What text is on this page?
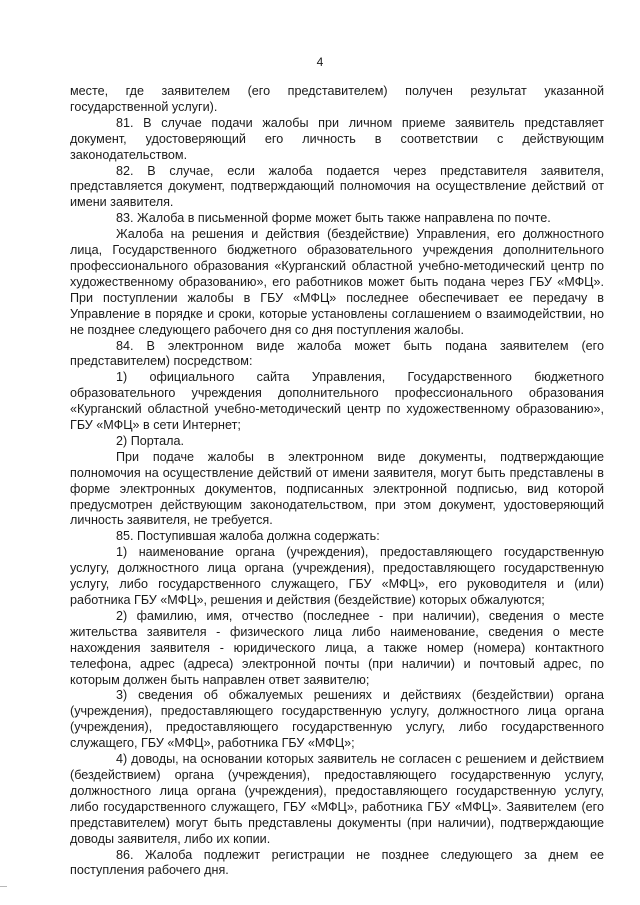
4

месте, где заявителем (его представителем) получен результат указанной государственной услуги).

81. В случае подачи жалобы при личном приеме заявитель представляет документ, удостоверяющий его личность в соответствии с действующим законодательством.

82. В случае, если жалоба подается через представителя заявителя, представляется документ, подтверждающий полномочия на осуществление действий от имени заявителя.

83. Жалоба в письменной форме может быть также направлена по почте.

Жалоба на решения и действия (бездействие) Управления, его должностного лица, Государственного бюджетного образовательного учреждения дополнительного профессионального образования «Курганский областной учебно-методический центр по художественному образованию», его работников может быть подана через ГБУ «МФЦ». При поступлении жалобы в ГБУ «МФЦ» последнее обеспечивает ее передачу в Управление в порядке и сроки, которые установлены соглашением о взаимодействии, но не позднее следующего рабочего дня со дня поступления жалобы.

84. В электронном виде жалоба может быть подана заявителем (его представителем) посредством:

1) официального сайта Управления, Государственного бюджетного образовательного учреждения дополнительного профессионального образования «Курганский областной учебно-методический центр по художественному образованию», ГБУ «МФЦ» в сети Интернет;

2) Портала.

При подаче жалобы в электронном виде документы, подтверждающие полномочия на осуществление действий от имени заявителя, могут быть представлены в форме электронных документов, подписанных электронной подписью, вид которой предусмотрен действующим законодательством, при этом документ, удостоверяющий личность заявителя, не требуется.

85. Поступившая жалоба должна содержать:

1) наименование органа (учреждения), предоставляющего государственную услугу, должностного лица органа (учреждения), предоставляющего государственную услугу, либо государственного служащего, ГБУ «МФЦ», его руководителя и (или) работника ГБУ «МФЦ», решения и действия (бездействие) которых обжалуются;

2) фамилию, имя, отчество (последнее - при наличии), сведения о месте жительства заявителя - физического лица либо наименование, сведения о месте нахождения заявителя - юридического лица, а также номер (номера) контактного телефона, адрес (адреса) электронной почты (при наличии) и почтовый адрес, по которым должен быть направлен ответ заявителю;

3) сведения об обжалуемых решениях и действиях (бездействии) органа (учреждения), предоставляющего государственную услугу, должностного лица органа (учреждения), предоставляющего государственную услугу, либо государственного служащего, ГБУ «МФЦ», работника ГБУ «МФЦ»;

4) доводы, на основании которых заявитель не согласен с решением и действием (бездействием) органа (учреждения), предоставляющего государственную услугу, должностного лица органа (учреждения), предоставляющего государственную услугу, либо государственного служащего, ГБУ «МФЦ», работника ГБУ «МФЦ». Заявителем (его представителем) могут быть представлены документы (при наличии), подтверждающие доводы заявителя, либо их копии.

86. Жалоба подлежит регистрации не позднее следующего за днем ее поступления рабочего дня.
